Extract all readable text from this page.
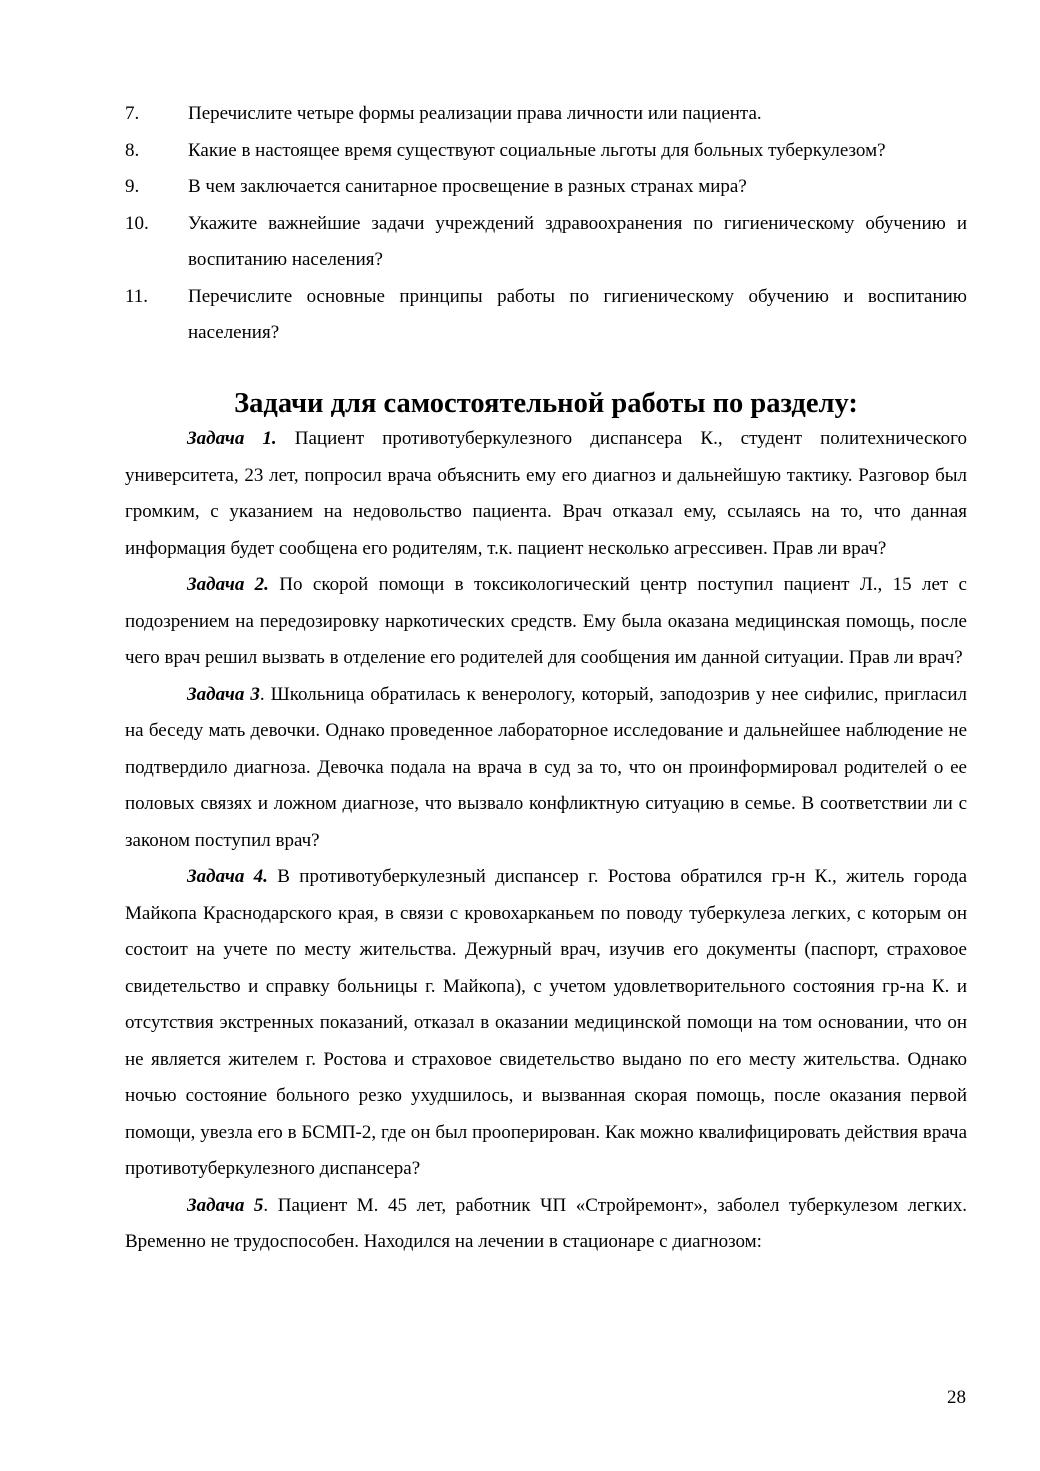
7.	Перечислите четыре формы реализации права личности или пациента.
8.	Какие в настоящее время существуют социальные льготы для больных туберкулезом?
9.	В чем заключается санитарное просвещение в разных странах мира?
10. Укажите важнейшие задачи учреждений здравоохранения по гигиеническому обучению и воспитанию населения?
11. Перечислите основные принципы работы по гигиеническому обучению и воспитанию населения?
Задачи для самостоятельной работы по разделу:

Задача 1. Пациент противотуберкулезного диспансера К., студент политехнического университета, 23 лет, попросил врача объяснить ему его диагноз и дальнейшую тактику. Разговор был громким, с указанием на недовольство пациента. Врач отказал ему, ссылаясь на то, что данная информация будет сообщена его родителям, т.к. пациент несколько агрессивен. Прав ли врач?

Задача 2. По скорой помощи в токсикологический центр поступил пациент Л., 15 лет с подозрением на передозировку наркотических средств. Ему была оказана медицинская помощь, после чего врач решил вызвать в отделение его родителей для сообщения им данной ситуации. Прав ли врач?

Задача 3. Школьница обратилась к венерологу, который, заподозрив у нее сифилис, пригласил на беседу мать девочки. Однако проведенное лабораторное исследование и дальнейшее наблюдение не подтвердило диагноза. Девочка подала на врача в суд за то, что он проинформировал родителей о ее половых связях и ложном диагнозе, что вызвало конфликтную ситуацию в семье. В соответствии ли с законом поступил врач?

Задача 4. В противотуберкулезный диспансер г. Ростова обратился гр-н К., житель города Майкопа Краснодарского края, в связи с кровохарканьем по поводу туберкулеза легких, с которым он состоит на учете по месту жительства. Дежурный врач, изучив его документы (паспорт, страховое свидетельство и справку больницы г. Майкопа), с учетом удовлетворительного состояния гр-на К. и отсутствия экстренных показаний, отказал в оказании медицинской помощи на том основании, что он не является жителем г. Ростова и страховое свидетельство выдано по его месту жительства. Однако ночью состояние больного резко ухудшилось, и вызванная скорая помощь, после оказания первой помощи, увезла его в БСМП-2, где он был прооперирован. Как можно квалифицировать действия врача противотуберкулезного диспансера?

Задача 5. Пациент М. 45 лет, работник ЧП «Стройремонт», заболел туберкулезом легких. Временно не трудоспособен. Находился на лечении в стационаре с диагнозом:

28
